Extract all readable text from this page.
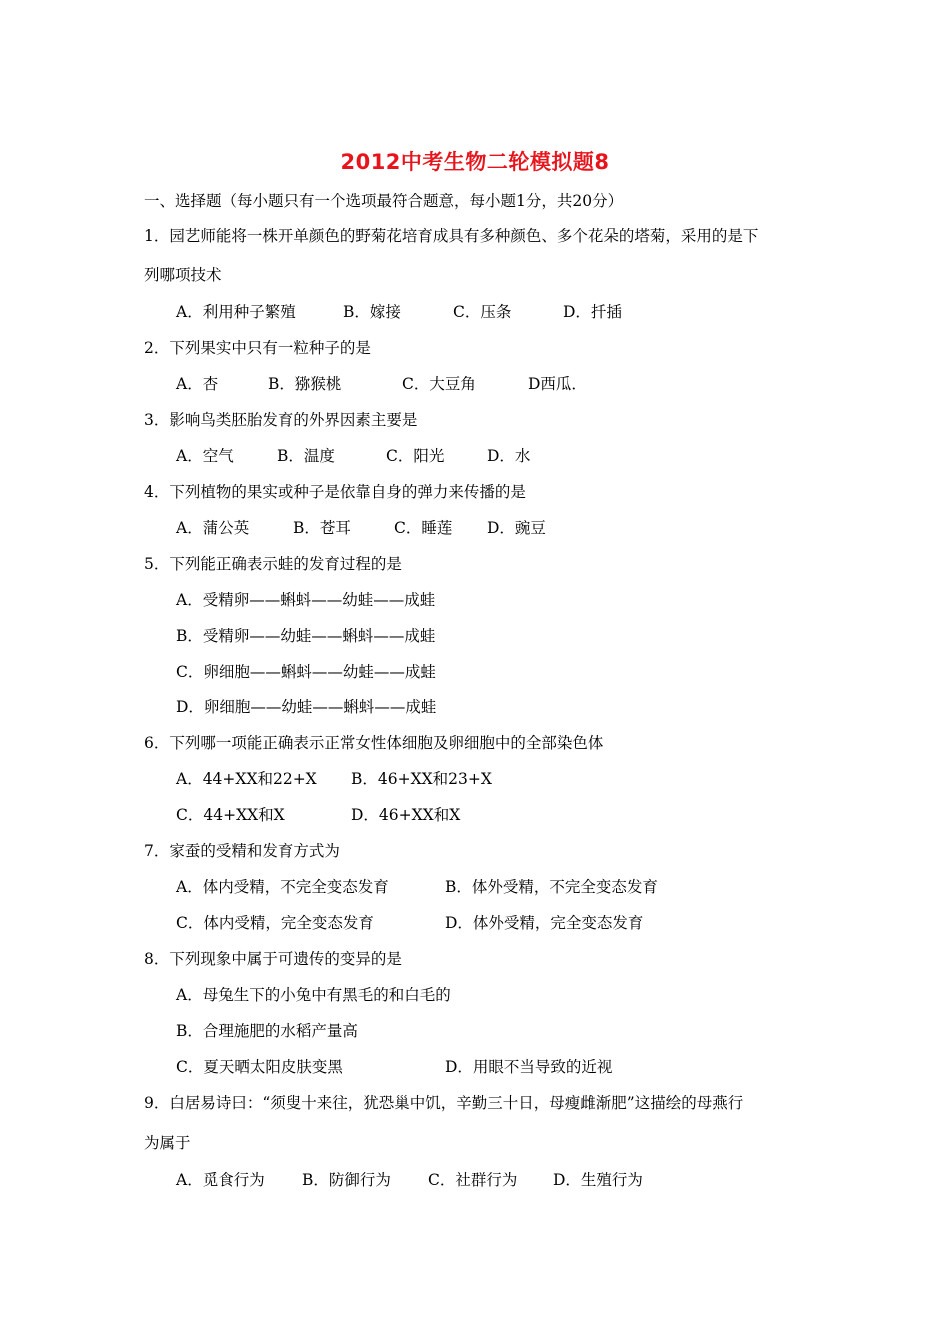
2012中考生物二轮模拟题8
一、选择题（每小题只有一个选项最符合题意，每小题1分，共20分）
1．园艺师能将一株开单颜色的野菊花培育成具有多种颜色、多个花朵的塔菊，采用的是下
列哪项技术
A．利用种子繁殖	B．嫁接	C．压条	D．扦插
2．下列果实中只有一粒种子的是
A．杏	B．猕猴桃	C．大豆角	D西瓜．
3．影响鸟类胚胎发育的外界因素主要是
A．空气	B．温度	C．阳光	D．水
4．下列植物的果实或种子是依靠自身的弹力来传播的是
A．蒲公英	B．苍耳	C．睡莲 D．豌豆
5．下列能正确表示蛙的发育过程的是
A．受精卵——蝌蚪——幼蛙——成蛙
B．受精卵——幼蛙——蝌蚪——成蛙
C．卵细胞——蝌蚪——幼蛙——成蛙
D．卵细胞——幼蛙——蝌蚪——成蛙
6．下列哪一项能正确表示正常女性体细胞及卵细胞中的全部染色体
A．44+XX和22+X B．46+XX和23+X
C．44+XX和X	D．46+XX和X
7．家蚕的受精和发育方式为
A．体内受精，不完全变态发育	B．体外受精，不完全变态发育
C．体内受精，完全变态发育	D．体外受精，完全变态发育
8．下列现象中属于可遗传的变异的是
A．母兔生下的小兔中有黑毛的和白毛的
B．合理施肥的水稻产量高
C．夏天晒太阳皮肤变黑	D．用眼不当导致的近视
9．白居易诗曰：“须叟十来往，犹恐巢中饥，辛勤三十日，母瘦雌渐肥”这描绘的母燕行
为属于
A．觅食行为 B．防御行为 C．社群行为 D．生殖行为
